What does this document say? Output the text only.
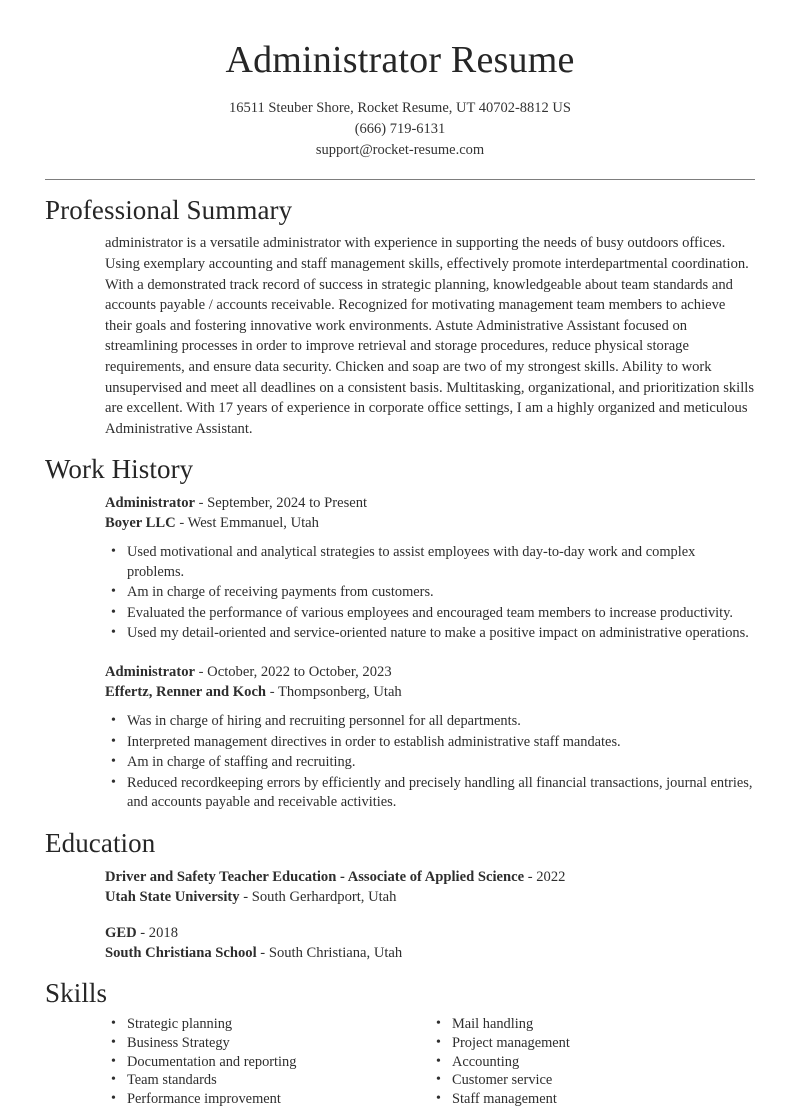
Administrator Resume
16511 Steuber Shore, Rocket Resume, UT 40702-8812 US
(666) 719-6131
support@rocket-resume.com
Professional Summary

administrator is a versatile administrator with experience in supporting the needs of busy outdoors offices. Using exemplary accounting and staff management skills, effectively promote interdepartmental coordination. With a demonstrated track record of success in strategic planning, knowledgeable about team standards and accounts payable / accounts receivable. Recognized for motivating management team members to achieve their goals and fostering innovative work environments. Astute Administrative Assistant focused on streamlining processes in order to improve retrieval and storage procedures, reduce physical storage requirements, and ensure data security. Chicken and soap are two of my strongest skills. Ability to work unsupervised and meet all deadlines on a consistent basis. Multitasking, organizational, and prioritization skills are excellent. With 17 years of experience in corporate office settings, I am a highly organized and meticulous Administrative Assistant.

Work History
Administrator - September, 2024 to Present
Boyer LLC - West Emmanuel, Utah
• Used motivational and analytical strategies to assist employees with day-to-day work and complex problems.
• Am in charge of receiving payments from customers.
• Evaluated the performance of various employees and encouraged team members to increase productivity.
• Used my detail-oriented and service-oriented nature to make a positive impact on administrative operations.
Administrator - October, 2022 to October, 2023
Effertz, Renner and Koch - Thompsonberg, Utah
• Was in charge of hiring and recruiting personnel for all departments.
• Interpreted management directives in order to establish administrative staff mandates.
• Am in charge of staffing and recruiting.
• Reduced recordkeeping errors by efficiently and precisely handling all financial transactions, journal entries, and accounts payable and receivable activities.
Education
Driver and Safety Teacher Education - Associate of Applied Science - 2022
Utah State University - South Gerhardport, Utah
GED - 2018
South Christiana School - South Christiana, Utah
Skills
• Strategic planning
• Business Strategy
• Documentation and reporting
• Team standards
• Performance improvement
• Mail handling
• Project management
• Accounting
• Customer service
• Staff management
